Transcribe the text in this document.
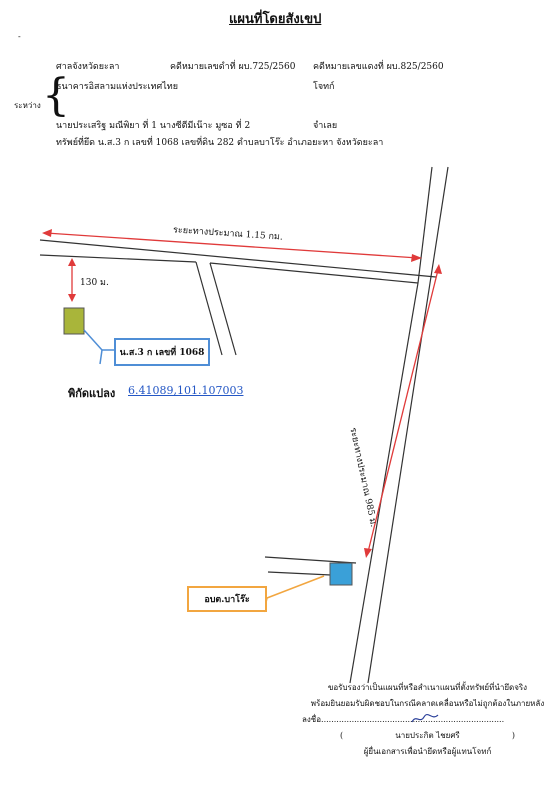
แผนที่โดยสังเขป
-
ศาลจังหวัดยะลา	คดีหมายเลขดำที่ ผบ.725/2560 คดีหมายเลขแดงที่ ผบ.825/2560
ธนาคารอิสลามแห่งประเทศไทย	โจทก์
ระหว่าง {
นายประเสริฐ มณีพิยา ที่ 1 นางซีตีมีเน๊าะ มูซอ ที่ 2	จำเลย
ทรัพย์ที่ยึด น.ส.3 ก เลขที่ 1068 เลขที่ดิน 282 ตำบลบาโร๊ะ อำเภอยะหา จังหวัดยะลา
ระยะทางประมาณ 1.15 กม.
130 ม.
ระยะทางประมาณ 985 ม.
น.ส.3 ก เลขที่ 1068
พิกัดแปลง 6.41089,101.107003
อบต.บาโร๊ะ
ขอรับรองว่าเป็นแผนที่หรือสำเนาแผนที่ตั้งทรัพย์ที่นำยึดจริง
พร้อมยินยอมรับผิดชอบในกรณีคลาดเคลื่อนหรือไม่ถูกต้องในภายหลัง
ลงชื่อ........................................................................
(	นายประกิต ไชยศรี	)
ผู้ยื่นเอกสารเพื่อนำยึดหรือผู้แทนโจทก์
